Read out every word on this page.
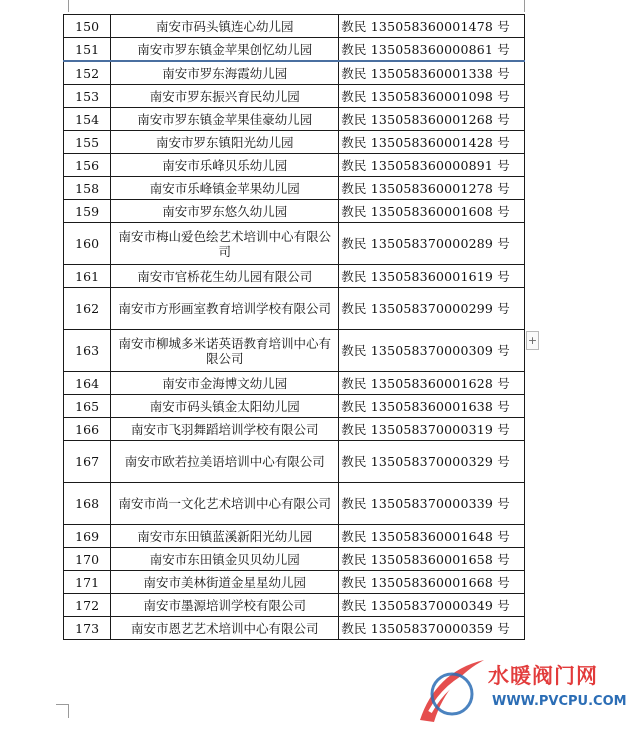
150	南安市码头镇连心幼儿园	教民 135058360001478 号
151	南安市罗东镇金苹果创忆幼儿园	教民 135058360000861 号
152	南安市罗东海霞幼儿园	教民 135058360001338 号
153	南安市罗东振兴育民幼儿园	教民 135058360001098 号
154	南安市罗东镇金苹果佳豪幼儿园	教民 135058360001268 号
155	南安市罗东镇阳光幼儿园	教民 135058360001428 号
156	南安市乐峰贝乐幼儿园	教民 135058360000891 号
158	南安市乐峰镇金苹果幼儿园	教民 135058360001278 号
159	南安市罗东悠久幼儿园	教民 135058360001608 号
160	南安市梅山爱色绘艺术培训中心有限公司	教民 135058370000289 号
161	南安市官桥花生幼儿园有限公司	教民 135058360001619 号
162	南安市方形画室教育培训学校有限公司	教民 135058370000299 号
163	南安市柳城多米诺英语教育培训中心有限公司	教民 135058370000309 号
164	南安市金海博文幼儿园	教民 135058360001628 号
165	南安市码头镇金太阳幼儿园	教民 135058360001638 号
166	南安市飞羽舞蹈培训学校有限公司	教民 135058370000319 号
167	南安市欧若拉美语培训中心有限公司	教民 135058370000329 号
168	南安市尚一文化艺术培训中心有限公司	教民 135058370000339 号
169	南安市东田镇蓝溪新阳光幼儿园	教民 135058360001648 号
170	南安市东田镇金贝贝幼儿园	教民 135058360001658 号
171	南安市美林街道金星星幼儿园	教民 135058360001668 号
172	南安市墨源培训学校有限公司	教民 135058370000349 号
173	南安市恩艺艺术培训中心有限公司	教民 135058370000359 号
+
水暖阀门网
WWW.PVCPU.COM
